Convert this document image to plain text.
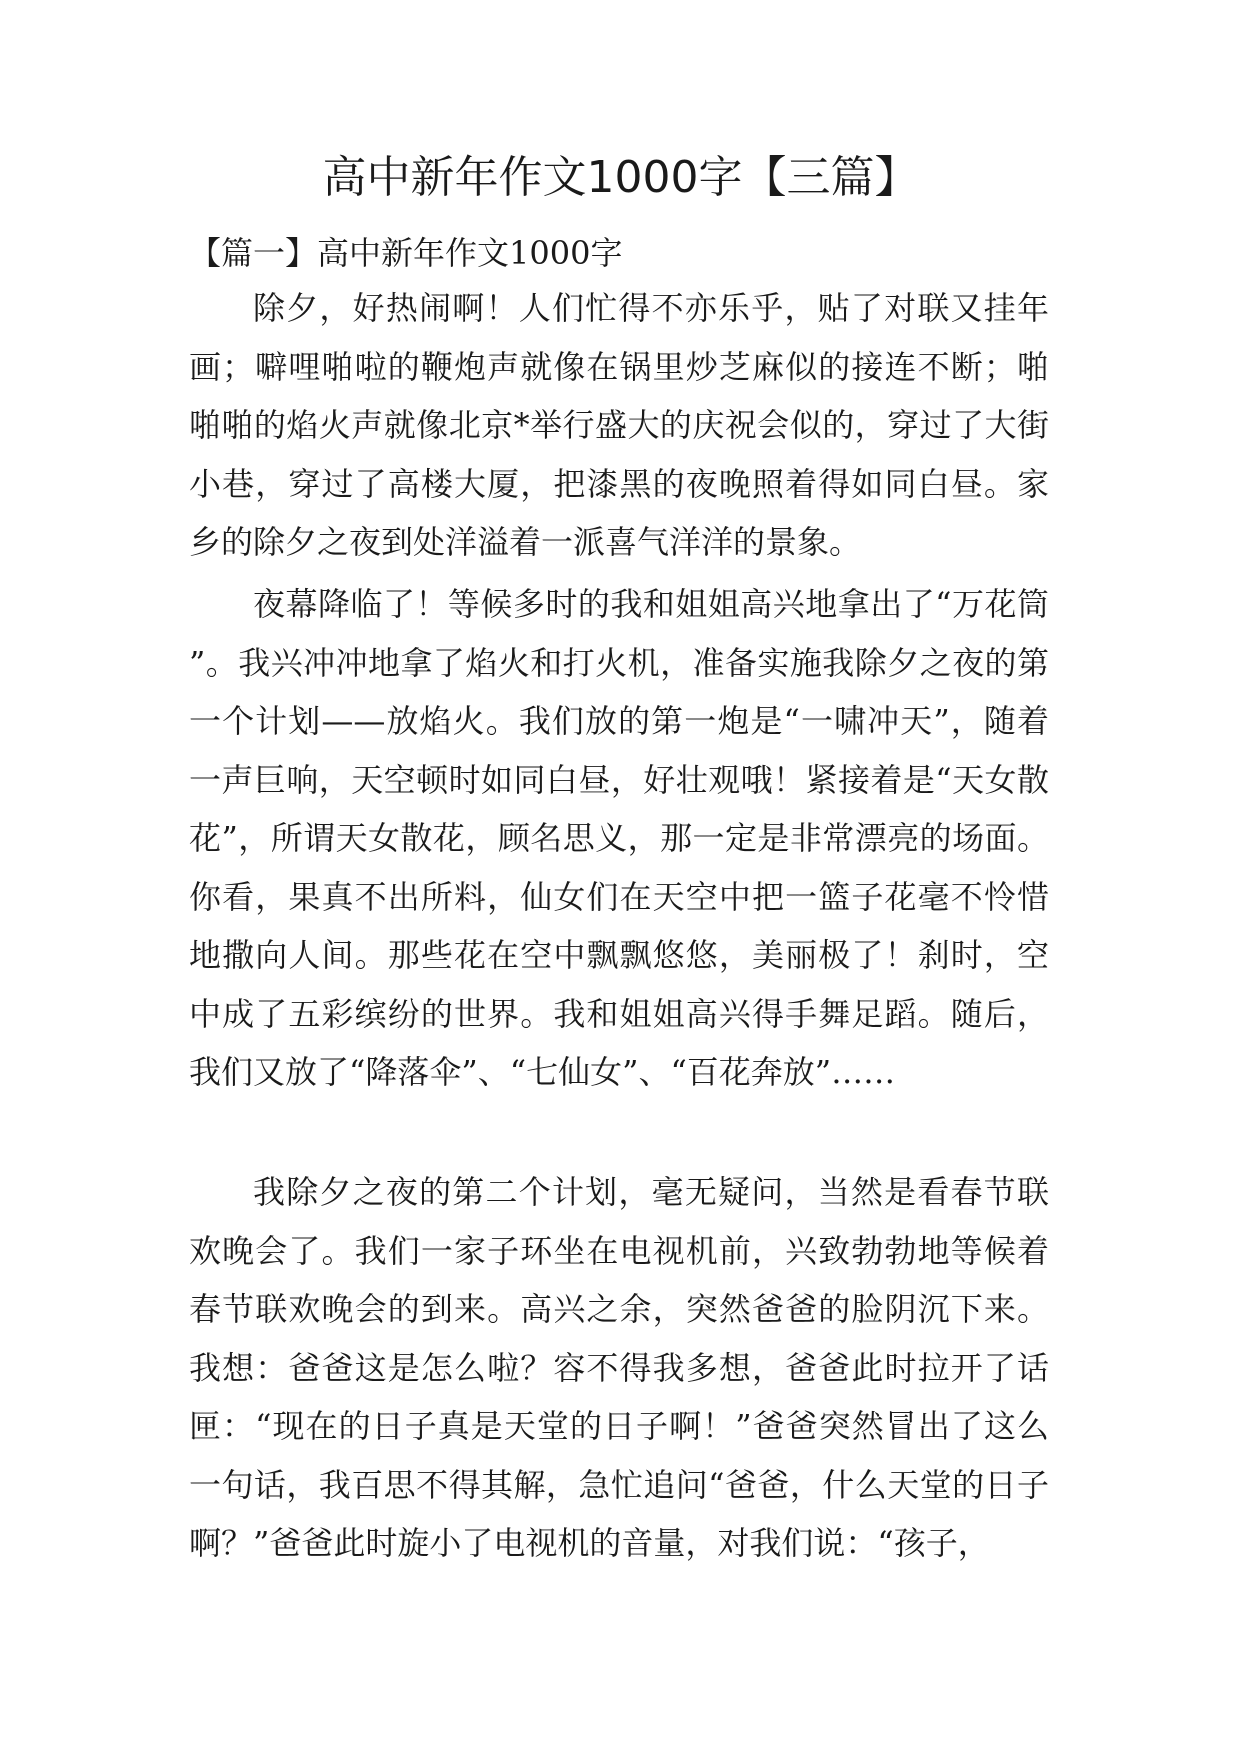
高中新年作文1000字【三篇】
【篇一】高中新年作文1000字
除夕，好热闹啊！人们忙得不亦乐乎，贴了对联又挂年画；噼哩啪啦的鞭炮声就像在锅里炒芝麻似的接连不断；啪啪啪的焰火声就像北京*举行盛大的庆祝会似的，穿过了大街小巷，穿过了高楼大厦，把漆黑的夜晚照着得如同白昼。家乡的除夕之夜到处洋溢着一派喜气洋洋的景象。
夜幕降临了！等候多时的我和姐姐高兴地拿出了“万花筒”。我兴冲冲地拿了焰火和打火机，准备实施我除夕之夜的第一个计划——放焰火。我们放的第一炮是“一啸冲天”，随着一声巨响，天空顿时如同白昼，好壮观哦！紧接着是“天女散花”，所谓天女散花，顾名思义，那一定是非常漂亮的场面。你看，果真不出所料，仙女们在天空中把一篮子花毫不怜惜地撒向人间。那些花在空中飘飘悠悠，美丽极了！刹时，空中成了五彩缤纷的世界。我和姐姐高兴得手舞足蹈。随后，我们又放了“降落伞”、“七仙女”、“百花奔放”……
我除夕之夜的第二个计划，毫无疑问，当然是看春节联欢晚会了。我们一家子环坐在电视机前，兴致勃勃地等候着春节联欢晚会的到来。高兴之余，突然爸爸的脸阴沉下来。我想：爸爸这是怎么啦？容不得我多想，爸爸此时拉开了话匣：“现在的日子真是天堂的日子啊！”爸爸突然冒出了这么一句话，我百思不得其解，急忙追问“爸爸，什么天堂的日子啊？”爸爸此时旋小了电视机的音量，对我们说：“孩子，
